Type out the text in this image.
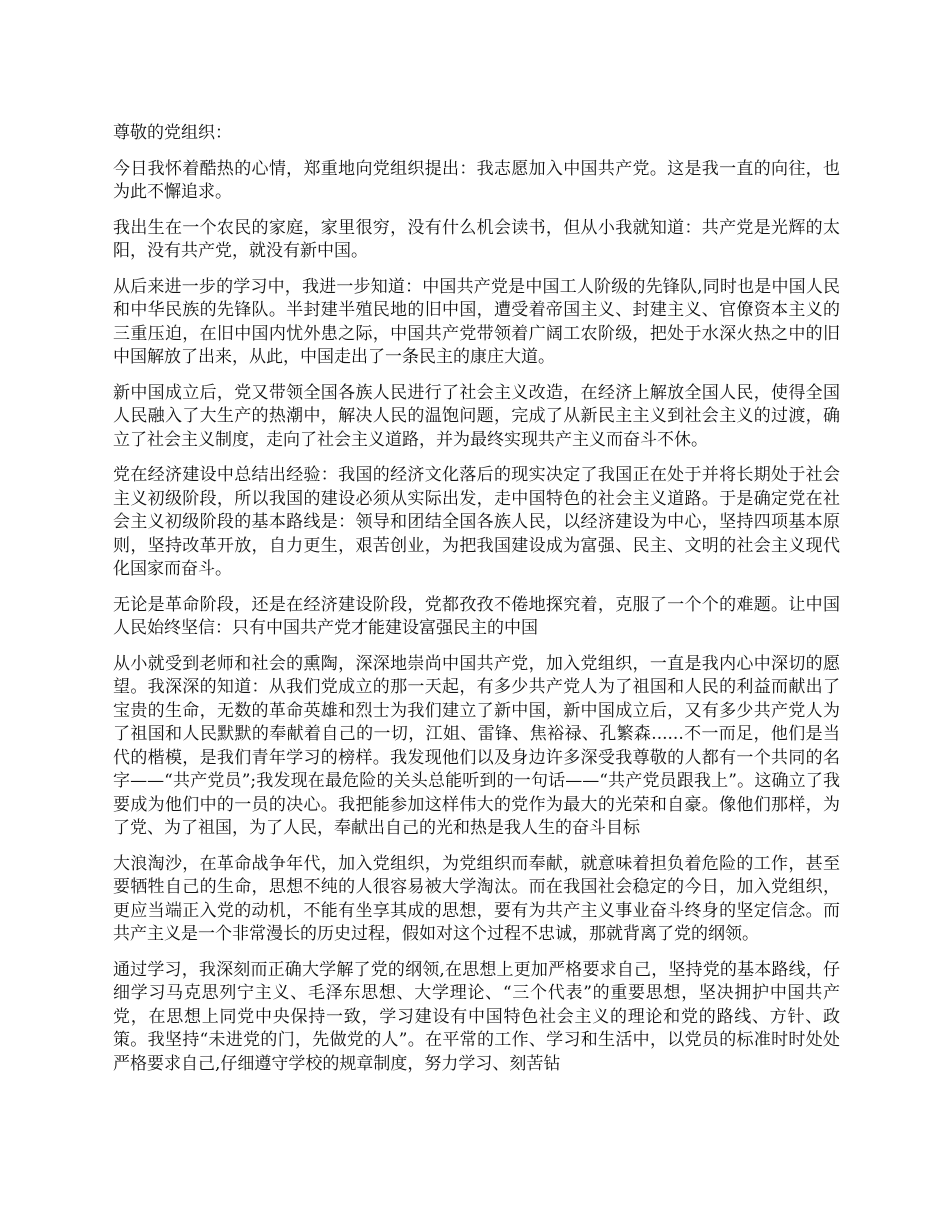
尊敬的党组织：

今日我怀着酷热的心情，郑重地向党组织提出：我志愿加入中国共产党。这是我一直的向往，也为此不懈追求。

我出生在一个农民的家庭，家里很穷，没有什么机会读书，但从小我就知道：共产党是光辉的太阳，没有共产党，就没有新中国。

从后来进一步的学习中，我进一步知道：中国共产党是中国工人阶级的先锋队,同时也是中国人民和中华民族的先锋队。半封建半殖民地的旧中国，遭受着帝国主义、封建主义、官僚资本主义的三重压迫，在旧中国内忧外患之际，中国共产党带领着广阔工农阶级，把处于水深火热之中的旧中国解放了出来，从此，中国走出了一条民主的康庄大道。

新中国成立后，党又带领全国各族人民进行了社会主义改造，在经济上解放全国人民，使得全国人民融入了大生产的热潮中，解决人民的温饱问题，完成了从新民主主义到社会主义的过渡，确立了社会主义制度，走向了社会主义道路，并为最终实现共产主义而奋斗不休。

党在经济建设中总结出经验：我国的经济文化落后的现实决定了我国正在处于并将长期处于社会主义初级阶段，所以我国的建设必须从实际出发，走中国特色的社会主义道路。于是确定党在社会主义初级阶段的基本路线是：领导和团结全国各族人民，以经济建设为中心，坚持四项基本原则，坚持改革开放，自力更生，艰苦创业，为把我国建设成为富强、民主、文明的社会主义现代化国家而奋斗。

无论是革命阶段，还是在经济建设阶段，党都孜孜不倦地探究着，克服了一个个的难题。让中国人民始终坚信：只有中国共产党才能建设富强民主的中国

从小就受到老师和社会的熏陶，深深地崇尚中国共产党，加入党组织，一直是我内心中深切的愿望。我深深的知道：从我们党成立的那一天起，有多少共产党人为了祖国和人民的利益而献出了宝贵的生命，无数的革命英雄和烈士为我们建立了新中国，新中国成立后，又有多少共产党人为了祖国和人民默默的奉献着自己的一切，江姐、雷锋、焦裕禄、孔繁森......不一而足，他们是当代的楷模，是我们青年学习的榜样。我发现他们以及身边许多深受我尊敬的人都有一个共同的名字——“共产党员”;我发现在最危险的关头总能听到的一句话——“共产党员跟我上”。这确立了我要成为他们中的一员的决心。我把能参加这样伟大的党作为最大的光荣和自豪。像他们那样，为了党、为了祖国，为了人民，奉献出自己的光和热是我人生的奋斗目标

大浪淘沙，在革命战争年代，加入党组织，为党组织而奉献，就意味着担负着危险的工作，甚至要牺牲自己的生命，思想不纯的人很容易被大学淘汰。而在我国社会稳定的今日，加入党组织，更应当端正入党的动机，不能有坐享其成的思想，要有为共产主义事业奋斗终身的坚定信念。而共产主义是一个非常漫长的历史过程，假如对这个过程不忠诚，那就背离了党的纲领。

通过学习，我深刻而正确大学解了党的纲领,在思想上更加严格要求自己，坚持党的基本路线，仔细学习马克思列宁主义、毛泽东思想、大学理论、“三个代表”的重要思想，坚决拥护中国共产党，在思想上同党中央保持一致，学习建设有中国特色社会主义的理论和党的路线、方针、政策。我坚持“未进党的门，先做党的人”。在平常的工作、学习和生活中，以党员的标准时时处处严格要求自己,仔细遵守学校的规章制度，努力学习、刻苦钻
